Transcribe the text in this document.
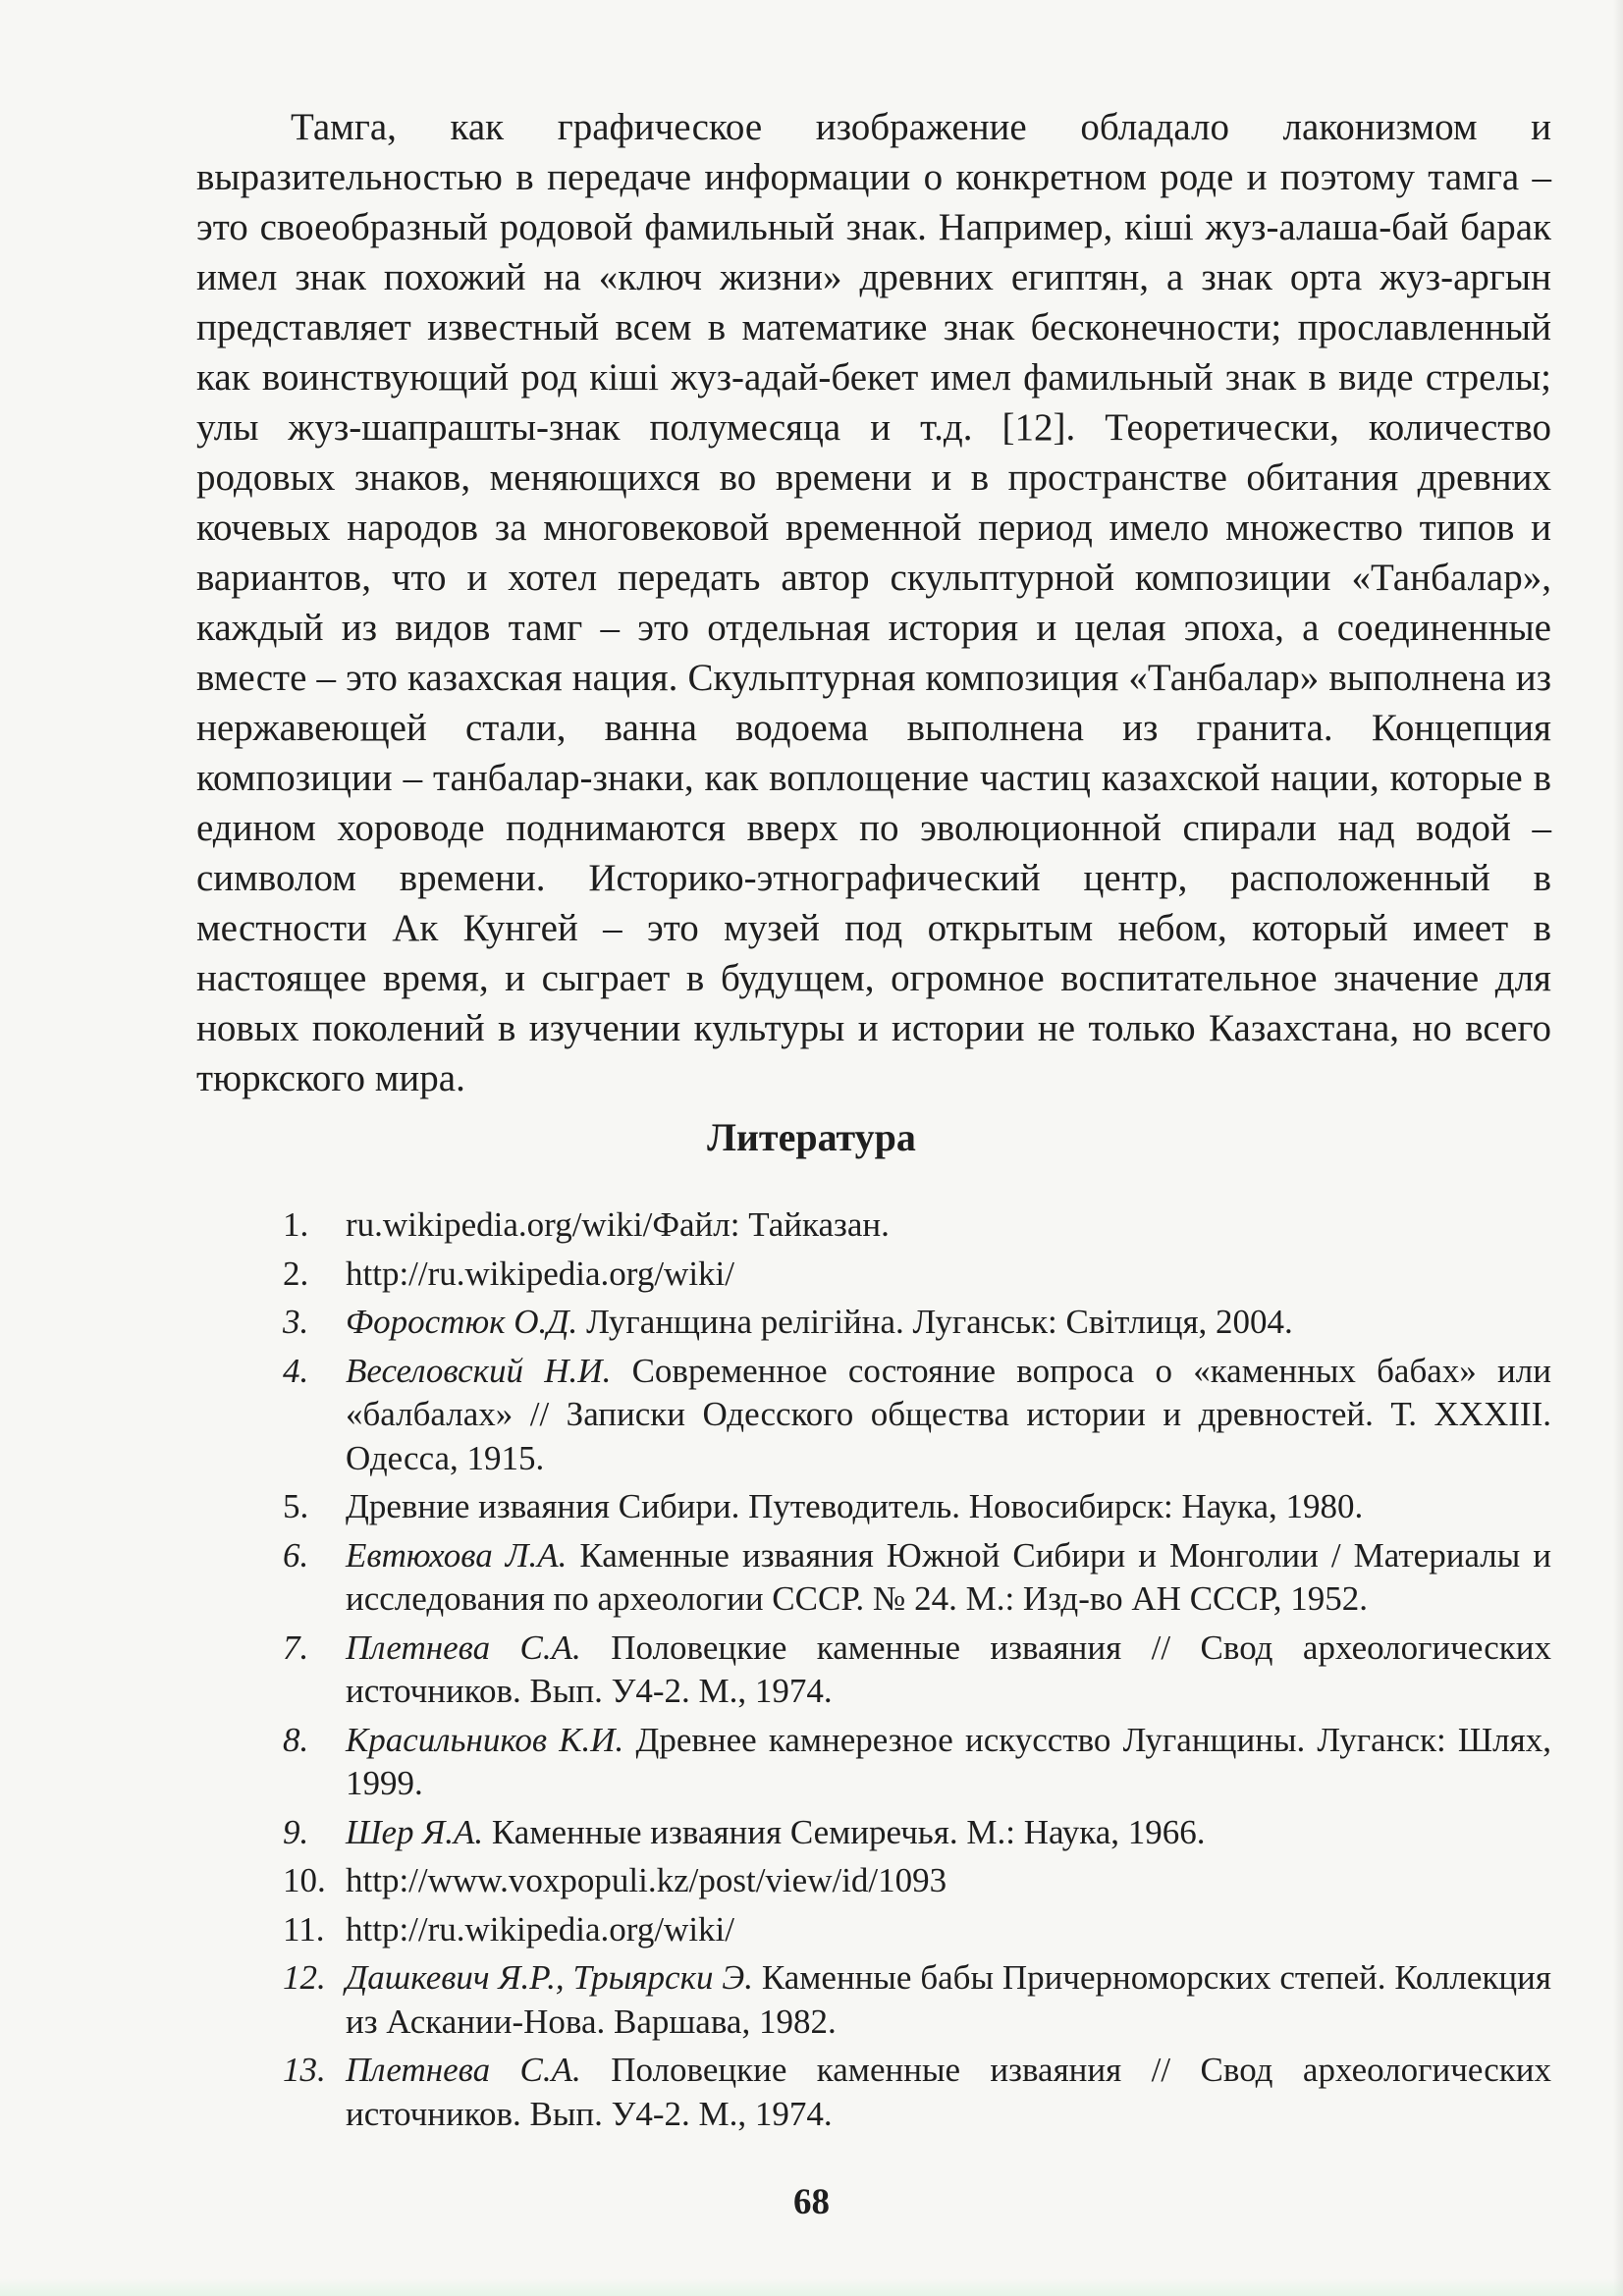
Тамга, как графическое изображение обладало лаконизмом и выразительностью в передаче информации о конкретном роде и поэтому тамга – это своеобразный родовой фамильный знак. Например, кiшi жуз-алаша-бай барак имел знак похожий на «ключ жизни» древних египтян, а знак орта жуз-аргын представляет известный всем в математике знак бесконечности; прославленный как воинствующий род кiшi жуз-адай-бекет имел фамильный знак в виде стрелы; улы жуз-шапрашты-знак полумесяца и т.д. [12]. Теоретически, количество родовых знаков, меняющихся во времени и в пространстве обитания древних кочевых народов за многовековой временной период имело множество типов и вариантов, что и хотел передать автор скульптурной композиции «Танбалар», каждый из видов тамг – это отдельная история и целая эпоха, а соединенные вместе – это казахская нация. Скульптурная композиция «Танбалар» выполнена из нержавеющей стали, ванна водоема выполнена из гранита. Концепция композиции – танбалар-знаки, как воплощение частиц казахской нации, которые в едином хороводе поднимаются вверх по эволюционной спирали над водой – символом времени. Историко-этнографический центр, расположенный в местности Ак Кунгей – это музей под открытым небом, который имеет в настоящее время, и сыграет в будущем, огромное воспитательное значение для новых поколений в изучении культуры и истории не только Казахстана, но всего тюркского мира.

Литература
1.	ru.wikipedia.org/wiki/Файл: Тайказан.
2.	http://ru.wikipedia.org/wiki/
3.	Форостюк О.Д. Луганщина релігійна. Луганськ: Світлиця, 2004.
4.	Веселовский Н.И. Современное состояние вопроса о «каменных бабах» или «балбалах» // Записки Одесского общества истории и древностей. Т. XXXIII. Одесса, 1915.
5.	Древние изваяния Сибири. Путеводитель. Новосибирск: Наука, 1980.
6.	Евтюхова Л.А. Каменные изваяния Южной Сибири и Монголии / Материалы и исследования по археологии СССР. № 24. М.: Изд-во АН СССР, 1952.
7.	Плетнева С.А. Половецкие каменные изваяния // Свод археологических источников. Вып. У4-2. М., 1974.
8.	Красильников К.И. Древнее камнерезное искусство Луганщины. Луганск: Шлях, 1999.
9.	Шер Я.А. Каменные изваяния Семиречья. М.: Наука, 1966.
10. http://www.voxpopuli.kz/post/view/id/1093
11. http://ru.wikipedia.org/wiki/
12. Дашкевич Я.Р., Трыярски Э. Каменные бабы Причерноморских степей. Коллекция из Аскании-Нова. Варшава, 1982.
13. Плетнева С.А. Половецкие каменные изваяния // Свод археологических источников. Вып. У4-2. М., 1974.
68
